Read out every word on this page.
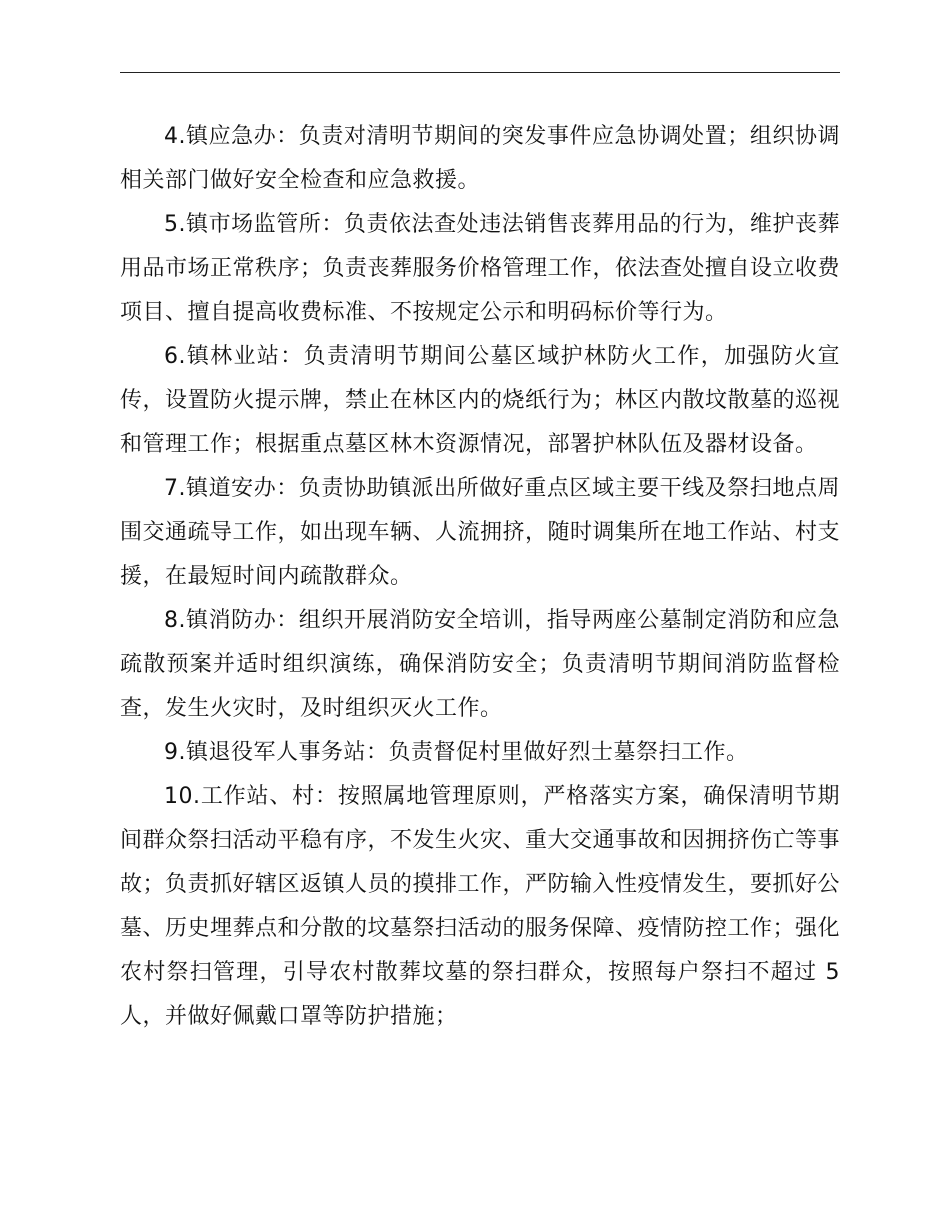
4.镇应急办：负责对清明节期间的突发事件应急协调处置；组织协调相关部门做好安全检查和应急救援。

5.镇市场监管所：负责依法查处违法销售丧葬用品的行为，维护丧葬用品市场正常秩序；负责丧葬服务价格管理工作，依法查处擅自设立收费项目、擅自提高收费标准、不按规定公示和明码标价等行为。

6.镇林业站：负责清明节期间公墓区域护林防火工作，加强防火宣传，设置防火提示牌，禁止在林区内的烧纸行为；林区内散坟散墓的巡视和管理工作；根据重点墓区林木资源情况，部署护林队伍及器材设备。

7.镇道安办：负责协助镇派出所做好重点区域主要干线及祭扫地点周围交通疏导工作，如出现车辆、人流拥挤，随时调集所在地工作站、村支援，在最短时间内疏散群众。

8.镇消防办：组织开展消防安全培训，指导两座公墓制定消防和应急疏散预案并适时组织演练，确保消防安全；负责清明节期间消防监督检查，发生火灾时，及时组织灭火工作。

9.镇退役军人事务站：负责督促村里做好烈士墓祭扫工作。

10.工作站、村：按照属地管理原则，严格落实方案，确保清明节期间群众祭扫活动平稳有序，不发生火灾、重大交通事故和因拥挤伤亡等事故；负责抓好辖区返镇人员的摸排工作，严防输入性疫情发生，要抓好公墓、历史埋葬点和分散的坟墓祭扫活动的服务保障、疫情防控工作；强化农村祭扫管理，引导农村散葬坟墓的祭扫群众，按照每户祭扫不超过 5 人，并做好佩戴口罩等防护措施；
